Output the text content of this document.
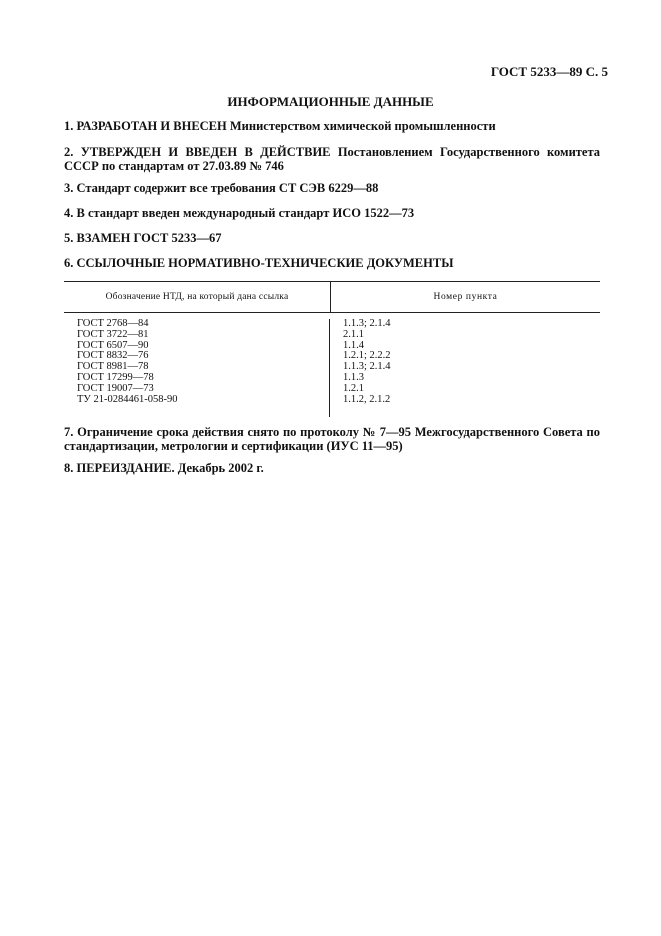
ГОСТ 5233—89 С. 5
ИНФОРМАЦИОННЫЕ ДАННЫЕ
1. РАЗРАБОТАН И ВНЕСЕН Министерством химической промышленности
2. УТВЕРЖДЕН И ВВЕДЕН В ДЕЙСТВИЕ Постановлением Государственного комитета СССР по стандартам от 27.03.89 № 746
3. Стандарт содержит все требования СТ СЭВ 6229—88
4. В стандарт введен международный стандарт ИСО 1522—73
5. ВЗАМЕН ГОСТ 5233—67
6. ССЫЛОЧНЫЕ НОРМАТИВНО-ТЕХНИЧЕСКИЕ ДОКУМЕНТЫ
Обозначение НТД, на который дана ссылка	Номер пункта
ГОСТ 2768—84
ГОСТ 3722—81
ГОСТ 6507—90
ГОСТ 8832—76
ГОСТ 8981—78
ГОСТ 17299—78
ГОСТ 19007—73
ТУ 21-0284461-058-90
1.1.3; 2.1.4
2.1.1
1.1.4
1.2.1; 2.2.2
1.1.3; 2.1.4
1.1.3
1.2.1
1.1.2, 2.1.2
7. Ограничение срока действия снято по протоколу № 7—95 Межгосударственного Совета по стандартизации, метрологии и сертификации (ИУС 11—95)
8. ПЕРЕИЗДАНИЕ. Декабрь 2002 г.
